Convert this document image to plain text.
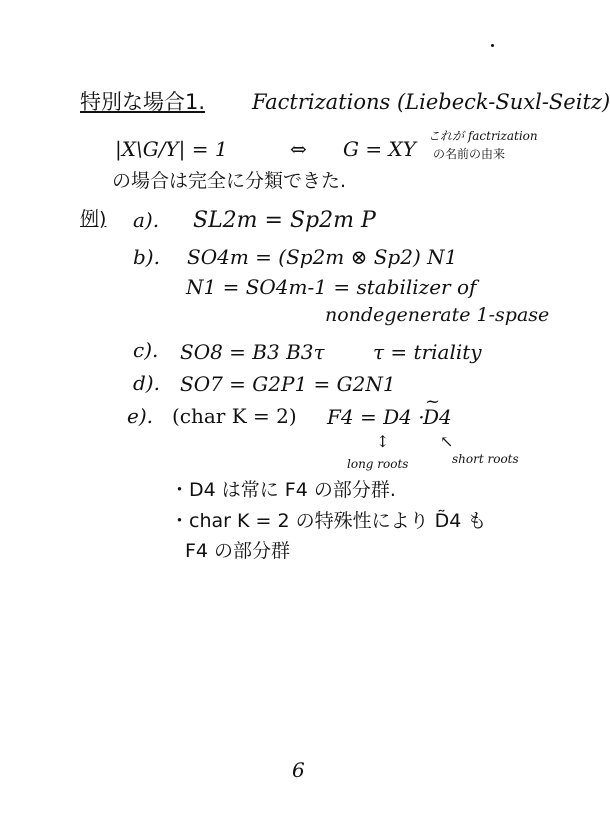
特別な場合1. Factrizations (Liebeck-Suxl-Seitz)
|X\G/Y| = 1	⇔ G = XY
これが factrization
の名前の由来
の場合は完全に分類できた.
例) a). SL2m = Sp2m P
b). SO4m = (Sp2m ⊗ Sp2) N1
N1 = SO4m-1 = stabilizer of
nondegenerate 1-spase
c). SO8 = B3 B3τ τ = triality
d). SO7 = G2P1 = G2N1
e). (char K = 2) F4 = D4 ·
~ D4
↕	↖
long roots	short roots
・D4 は常に F4 の部分群.
・char K = 2 の特殊性により D̃4 も
F4 の部分群
6
